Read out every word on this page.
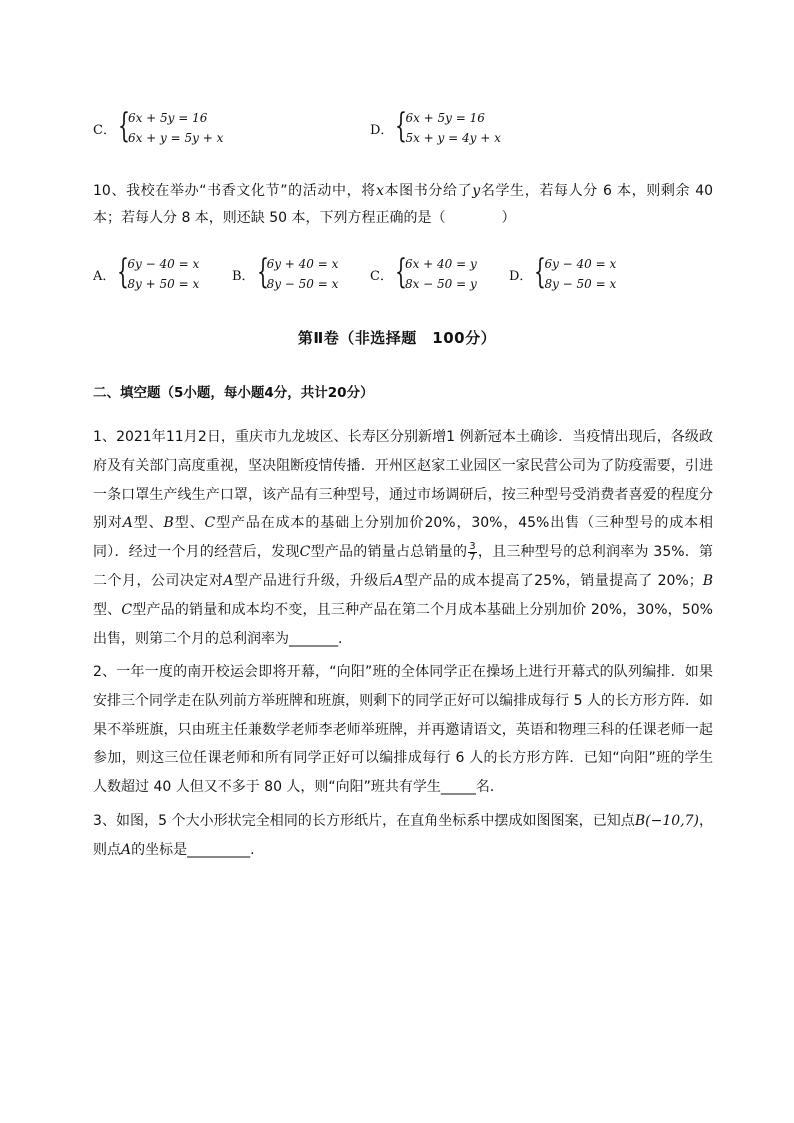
C． {
6x + 5y = 16
6x + y = 5y + x
D． {
6x + 5y = 16
5x + y = 4y + x
10、我校在举办“书香文化节”的活动中，将x本图书分给了y名学生，若每人分 6 本，则剩余 40 本；若每人分 8 本，则还缺 50 本，下列方程正确的是（　　　　）
A． {
6y − 40 = x
8y + 50 = x
B． {
6y + 40 = x
8y − 50 = x
C． {
6x + 40 = y
8x − 50 = y
D． {
6y − 40 = x
8y − 50 = x
第Ⅱ卷（非选择题　100分）
二、填空题（5小题，每小题4分，共计20分）
1、2021年11月2日，重庆市九龙坡区、长寿区分别新增1 例新冠本土确诊．当疫情出现后，各级政府及有关部门高度重视，坚决阻断疫情传播．开州区赵家工业园区一家民营公司为了防疫需要，引进一条口罩生产线生产口罩，该产品有三种型号，通过市场调研后，按三种型号受消费者喜爱的程度分别对A型、B型、C型产品在成本的基础上分别加价20%，30%，45%出售（三种型号的成本相同）．经过一个月的经营后，发现C型产品的销量占总销量的 $\frac{3}{7}$ ，且三种型号的总利润率为 35%．第二个月，公司决定对A型产品进行升级，升级后A型产品的成本提高了25%，销量提高了 20%；B型、C型产品的销量和成本均不变，且三种产品在第二个月成本基础上分别加价 20%，30%，50%出售，则第二个月的总利润率为_______.
2、一年一度的南开校运会即将开幕，“向阳”班的全体同学正在操场上进行开幕式的队列编排．如果安排三个同学走在队列前方举班牌和班旗，则剩下的同学正好可以编排成每行 5 人的长方形方阵．如果不举班旗，只由班主任兼数学老师李老师举班牌，并再邀请语文，英语和物理三科的任课老师一起参加，则这三位任课老师和所有同学正好可以编排成每行 6 人的长方形方阵．已知“向阳”班的学生人数超过 40 人但又不多于 80 人，则“向阳”班共有学生_____名．
3、如图，5 个大小形状完全相同的长方形纸片，在直角坐标系中摆成如图图案，已知点B(−10,7)，则点A的坐标是_________.
